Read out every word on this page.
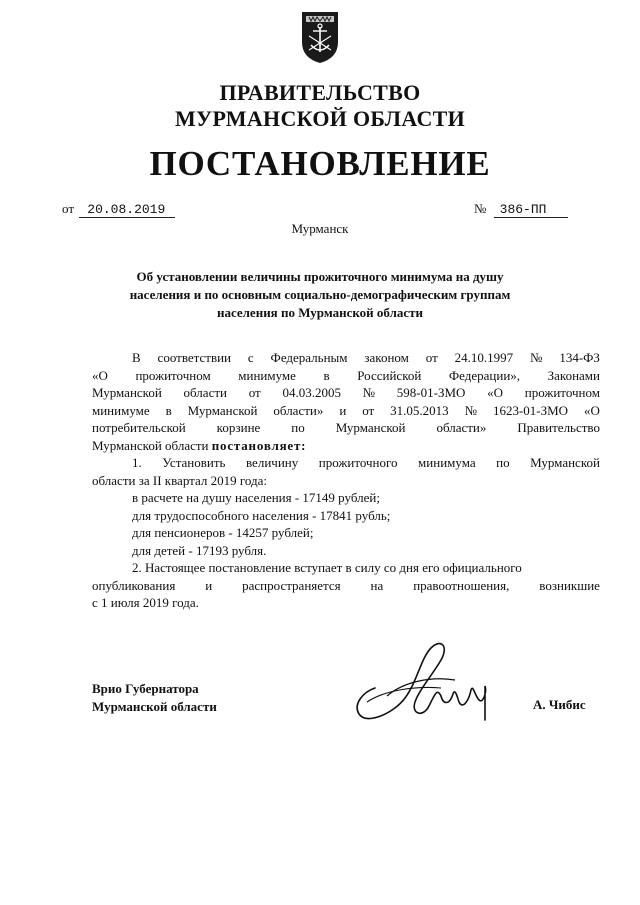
ПРАВИТЕЛЬСТВО
МУРМАНСКОЙ ОБЛАСТИ
ПОСТАНОВЛЕНИЕ
от 20.08.2019	№ 386-ПП
Мурманск
Об установлении величины прожиточного минимума на душу
населения и по основным социально-демографическим группам
населения по Мурманской области
В соответствии с Федеральным законом от 24.10.1997 № 134-ФЗ
«О прожиточном минимуме в Российской Федерации», Законами
Мурманской области от 04.03.2005 № 598-01-ЗМО «О прожиточном
минимуме в Мурманской области» и от 31.05.2013 № 1623-01-ЗМО «О
потребительской корзине по Мурманской области» Правительство
Мурманской области постановляет:
1. Установить величину прожиточного минимума по Мурманской
области за II квартал 2019 года:
в расчете на душу населения - 17149 рублей;
для трудоспособного населения - 17841 рубль;
для пенсионеров - 14257 рублей;
для детей - 17193 рубля.
2. Настоящее постановление вступает в силу со дня его официального
опубликования и распространяется на правоотношения, возникшие
с 1 июля 2019 года.
Врио Губернатора
Мурманской области	А. Чибис
